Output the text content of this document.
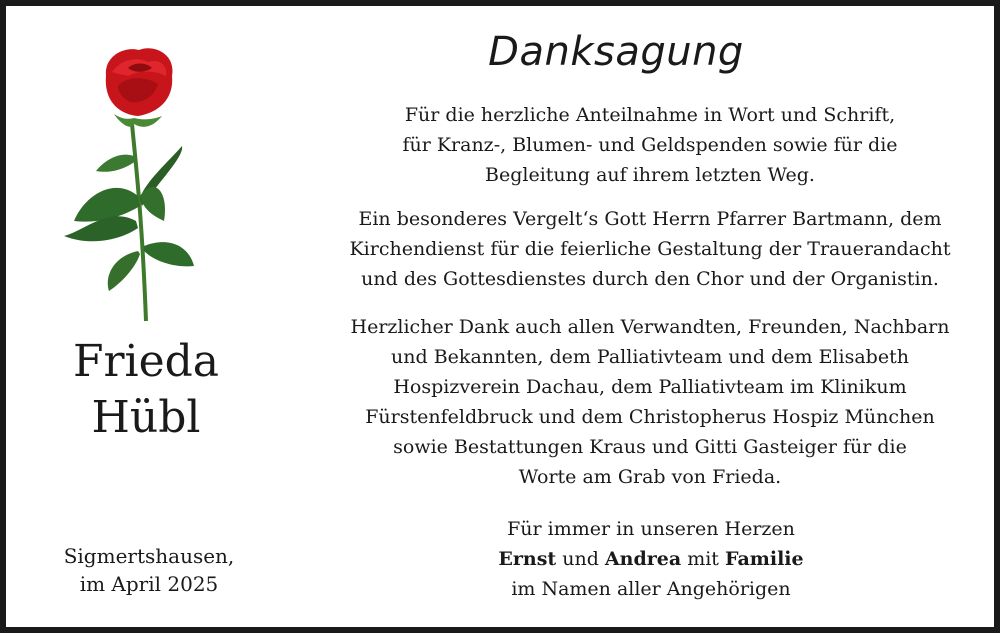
Frieda
Hübl
Sigmertshausen,
im April 2025
Danksagung
Für die herzliche Anteilnahme in Wort und Schrift,
für Kranz-, Blumen- und Geldspenden sowie für die
Begleitung auf ihrem letzten Weg.
Ein besonderes Vergelt‘s Gott Herrn Pfarrer Bartmann, dem
Kirchendienst für die feierliche Gestaltung der Trauerandacht
und des Gottesdienstes durch den Chor und der Organistin.
Herzlicher Dank auch allen Verwandten, Freunden, Nachbarn
und Bekannten, dem Palliativteam und dem Elisabeth
Hospizverein Dachau, dem Palliativteam im Klinikum
Fürstenfeldbruck und dem Christopherus Hospiz München
sowie Bestattungen Kraus und Gitti Gasteiger für die
Worte am Grab von Frieda.
Für immer in unseren Herzen
Ernst und Andrea mit Familie
im Namen aller Angehörigen
